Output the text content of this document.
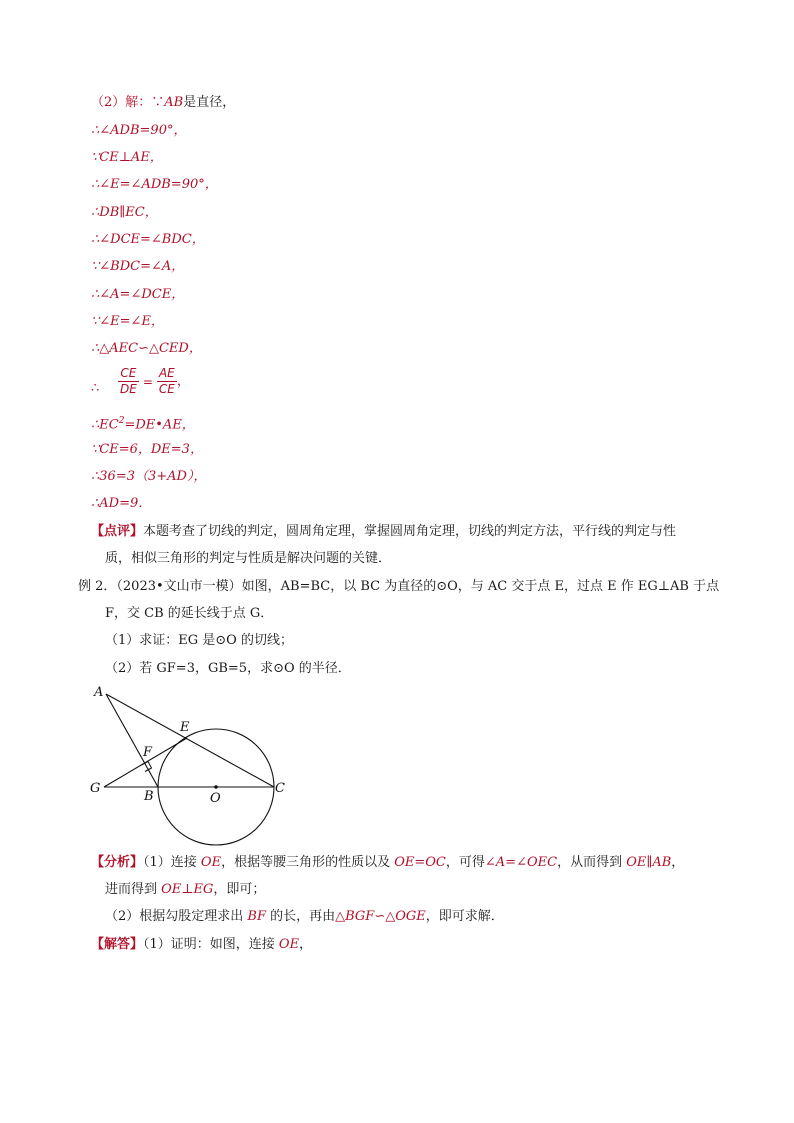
（2）解：∵AB是直径，
∴∠ADB=90°，
∵CE⊥AE，
∴∠E=∠ADB=90°，
∴DB∥EC，
∴∠DCE=∠BDC，
∵∠BDC=∠A，
∴∠A=∠DCE，
∵∠E=∠E，
∴△AEC∽△CED，
∴ $\frac{CE}{DE} = \frac{AE}{CE}$ ，
$\therefore EC^2=DE•AE$，
∵CE=6，DE=3，
∴36=3（3+AD），
∴AD=9．
【点评】本题考查了切线的判定，圆周角定理，掌握圆周角定理，切线的判定方法，平行线的判定与性
质，相似三角形的判定与性质是解决问题的关键．
例 2．（2023•文山市一模）如图，AB=BC，以 BC 为直径的⊙O，与 AC 交于点 E，过点 E 作 EG⊥AB 于点
F，交 CB 的延长线于点 G．
（1）求证：EG 是⊙O 的切线；
（2）若 GF=3，GB=5，求⊙O 的半径．
A
E
F
G
B	O
C
【分析】（1）连接 OE，根据等腰三角形的性质以及 OE=OC，可得∠A=∠OEC，从而得到 OE∥AB，
进而得到 OE⊥EG，即可；
（2）根据勾股定理求出 BF 的长，再由△BGF∽△OGE，即可求解．
【解答】（1）证明：如图，连接 OE，
